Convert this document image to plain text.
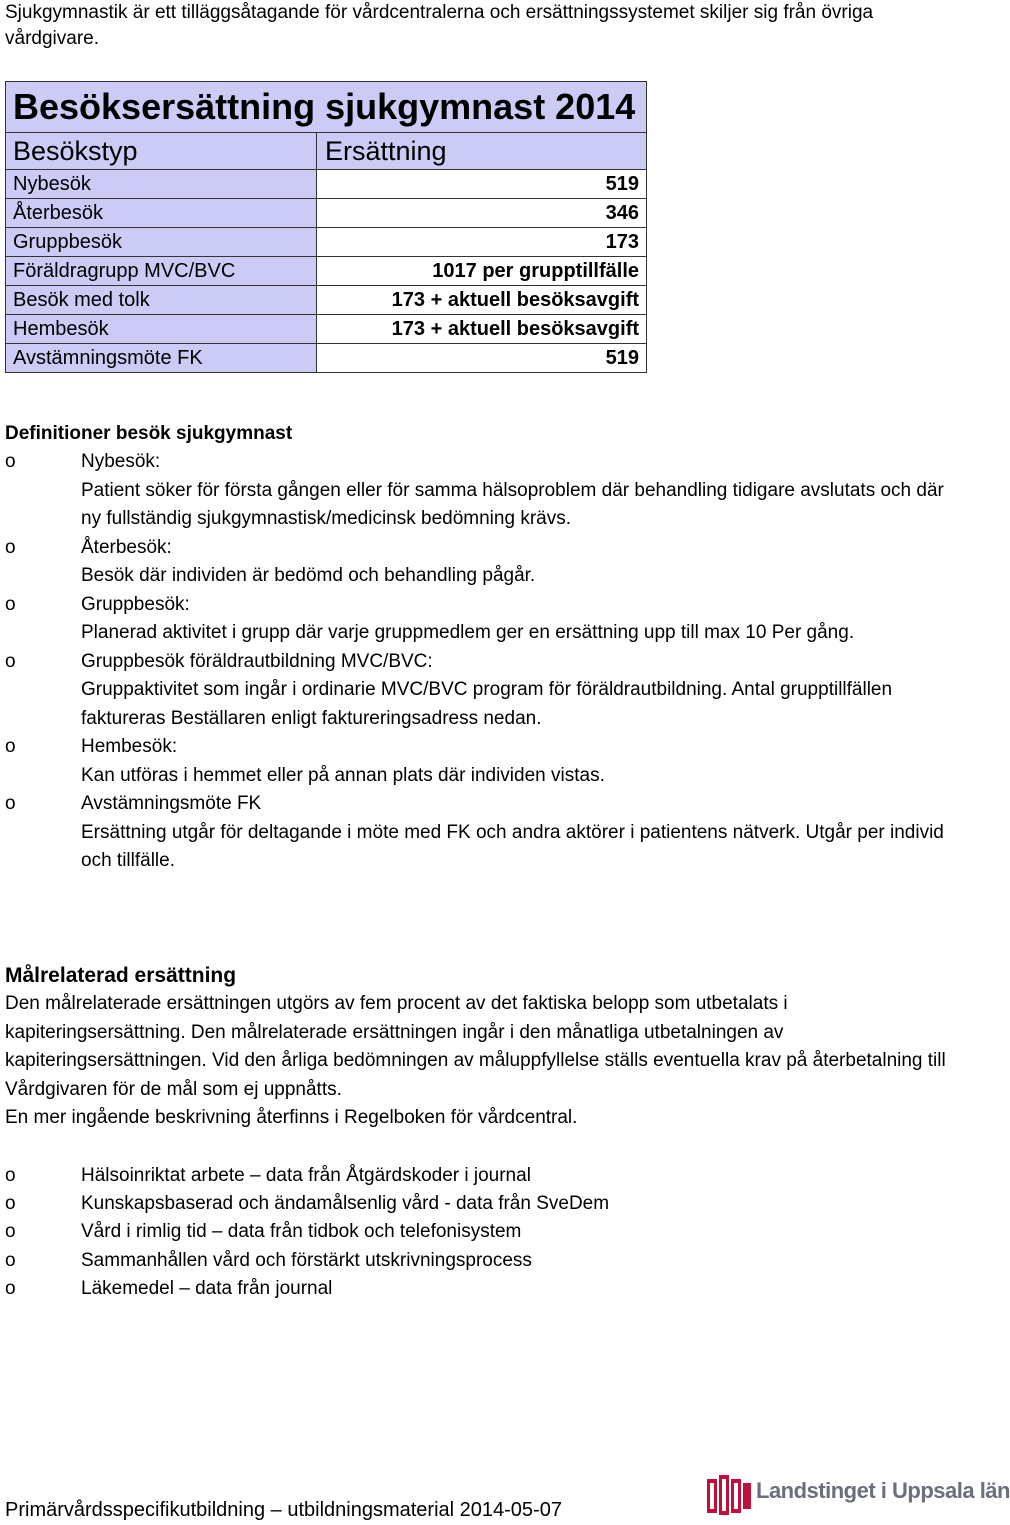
Sjukgymnastik är ett tilläggsåtagande för vårdcentralerna och ersättningssystemet skiljer sig från övriga vårdgivare.
Besöksersättning sjukgymnast 2014	
Besökstyp	Ersättning
Nybesök	519
Återbesök	346
Gruppbesök	173
Föräldragrupp MVC/BVC	1017 per grupptillfälle
Besök med tolk	173 + aktuell besöksavgift
Hembesök	173 + aktuell besöksavgift
Avstämningsmöte FK	519
Definitioner besök sjukgymnast
o	Nybesök:
Patient söker för första gången eller för samma hälsoproblem där behandling tidigare avslutats och där ny fullständig sjukgymnastisk/medicinsk bedömning krävs.
o	Återbesök:
Besök där individen är bedömd och behandling pågår.
o	Gruppbesök:
Planerad aktivitet i grupp där varje gruppmedlem ger en ersättning upp till max 10 Per gång.
o	Gruppbesök föräldrautbildning MVC/BVC:
Gruppaktivitet som ingår i ordinarie MVC/BVC program för föräldrautbildning. Antal grupptillfällen faktureras Beställaren enligt faktureringsadress nedan.
o	Hembesök:
Kan utföras i hemmet eller på annan plats där individen vistas.
o	Avstämningsmöte FK
Ersättning utgår för deltagande i möte med FK och andra aktörer i patientens nätverk. Utgår per individ och tillfälle.
Målrelaterad ersättning

Den målrelaterade ersättningen utgörs av fem procent av det faktiska belopp som utbetalats i kapiteringsersättning. Den målrelaterade ersättningen ingår i den månatliga utbetalningen av kapiteringsersättningen. Vid den årliga bedömningen av måluppfyllelse ställs eventuella krav på återbetalning till Vårdgivaren för de mål som ej uppnåtts.

En mer ingående beskrivning återfinns i Regelboken för vårdcentral.

o	Hälsoinriktat arbete – data från Åtgärdskoder i journal
o	Kunskapsbaserad och ändamålsenlig vård - data från SveDem
o	Vård i rimlig tid – data från tidbok och telefonisystem
o	Sammanhållen vård och förstärkt utskrivningsprocess
o	Läkemedel – data från journal
Primärvårdsspecifikutbildning – utbildningsmaterial 2014-05-07
Landstinget i Uppsala län
